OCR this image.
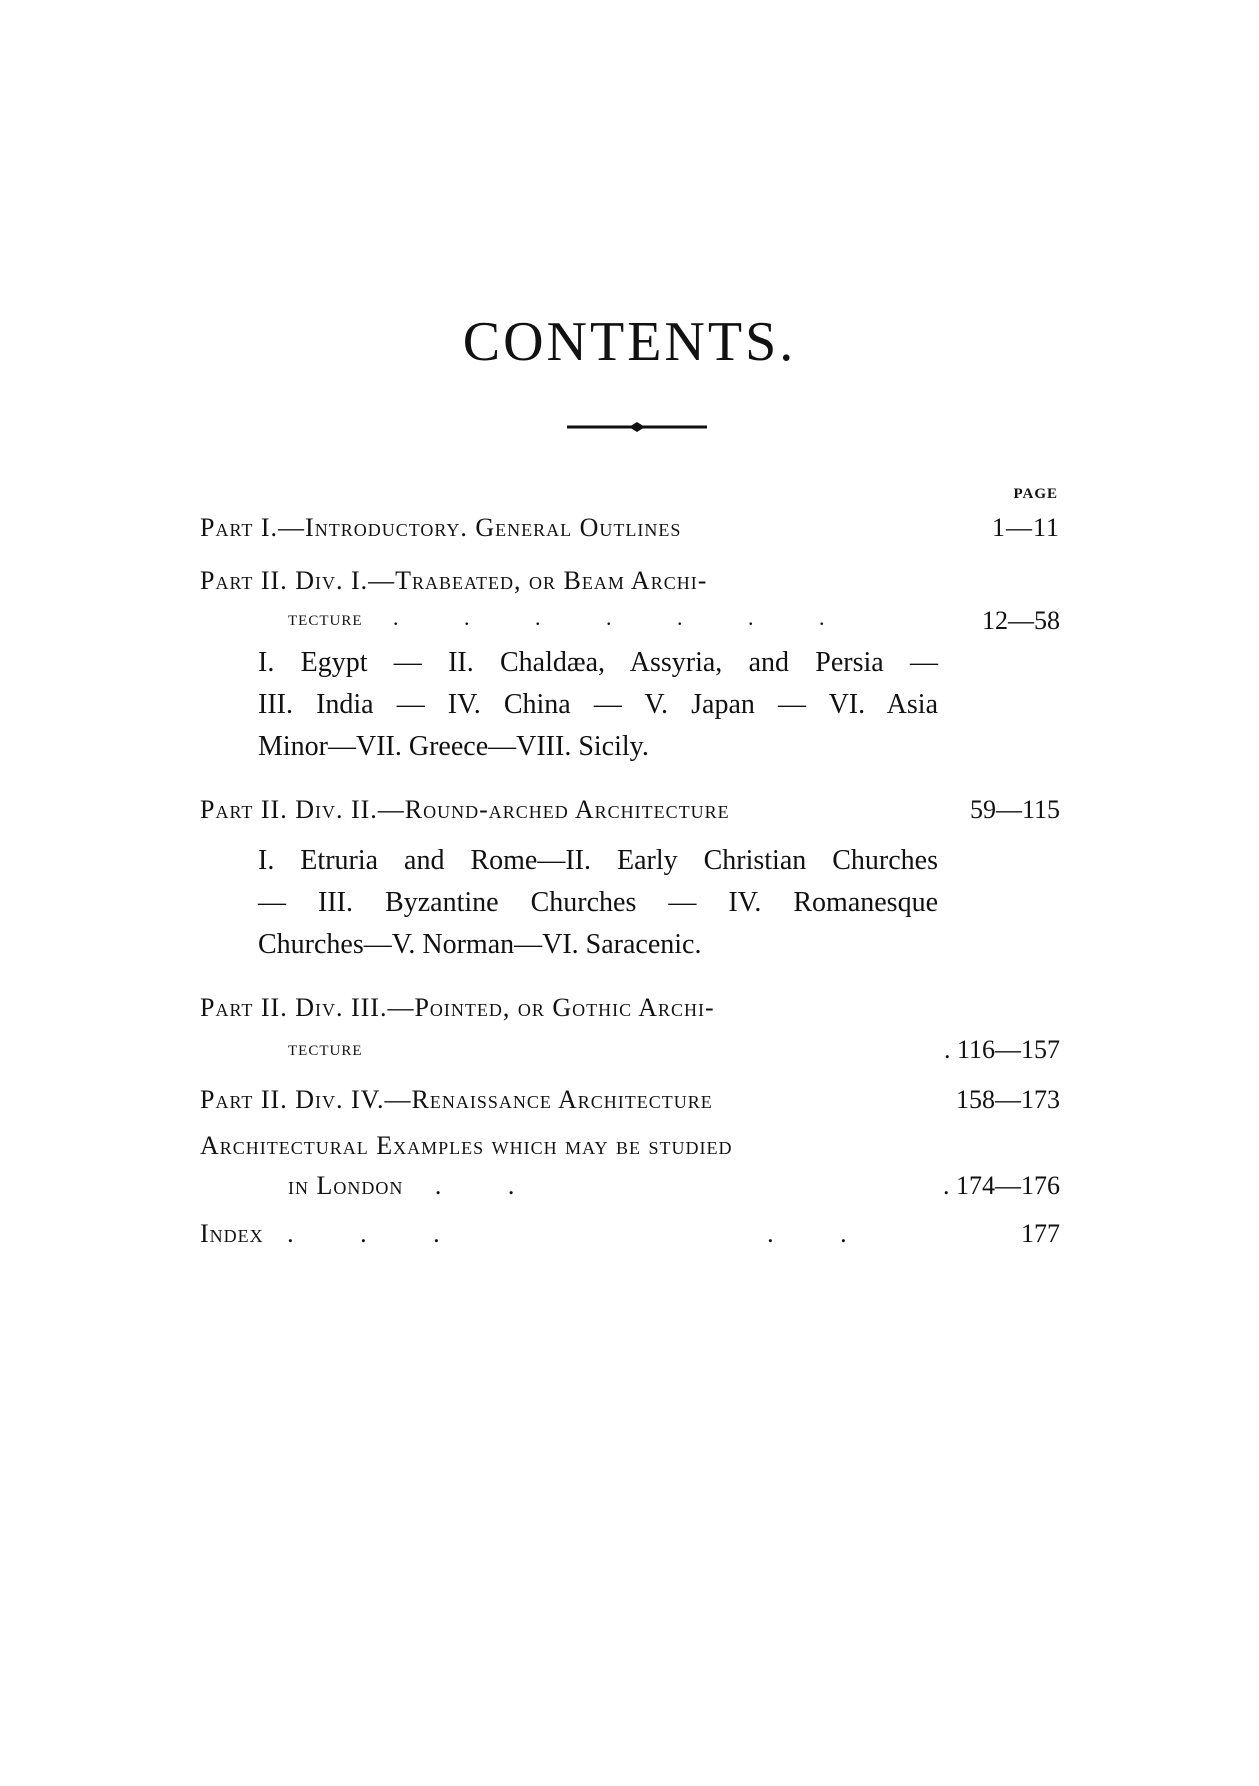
CONTENTS.
PAGE
Part I.—Introductory. General Outlines	1—11
Part II. Div. I.—Trabeated, or Beam Archi-
tecture . . . . . . .	12—58

I. Egypt — II. Chaldæa, Assyria, and Persia —

III. India — IV. China — V. Japan — VI. Asia

Minor—VII. Greece—VIII. Sicily.

Part II. Div. II.—Round-arched Architecture	59—115

I. Etruria and Rome—II. Early Christian Churches

— III. Byzantine Churches — IV. Romanesque

Churches—V. Norman—VI. Saracenic.

Part II. Div. III.—Pointed, or Gothic Archi-
tecture	. 116—157
Part II. Div. IV.—Renaissance Architecture	158—173
Architectural Examples which may be studied
in London . .	. 174—176
Index . . .	. .	177
